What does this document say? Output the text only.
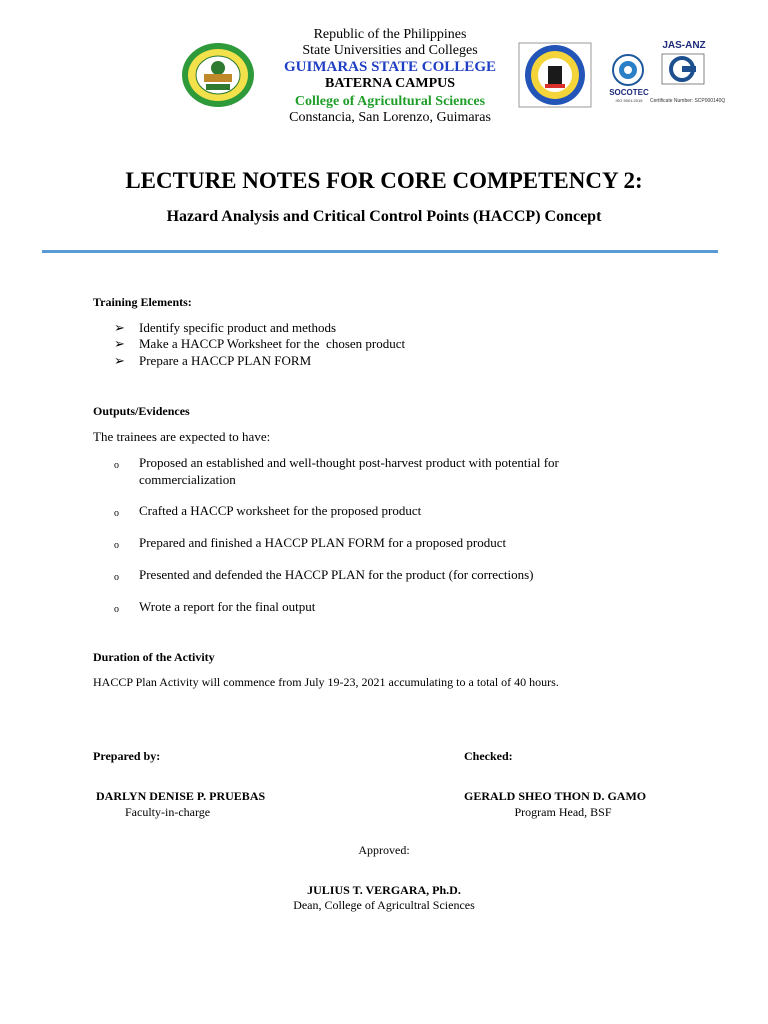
Republic of the Philippines
State Universities and Colleges
GUIMARAS STATE COLLEGE
BATERNA CAMPUS
College of Agricultural Sciences
Constancia, San Lorenzo, Guimaras
JAS-ANZ
SOCOTEC
ISO 9001:2015	Certificate Number: SCP000140Q
LECTURE NOTES FOR CORE COMPETENCY 2:
Hazard Analysis and Critical Control Points (HACCP) Concept
Training Elements:
➢	Identify specific product and methods
➢	Make a HACCP Worksheet for the  chosen product
➢	Prepare a HACCP PLAN FORM
Outputs/Evidences
The trainees are expected to have:
o	Proposed an established and well-thought post-harvest product with potential for
commercialization
o	Crafted a HACCP worksheet for the proposed product
o	Prepared and finished a HACCP PLAN FORM for a proposed product
o	Presented and defended the HACCP PLAN for the product (for corrections)
o	Wrote a report for the final output
Duration of the Activity
HACCP Plan Activity will commence from July 19-23, 2021 accumulating to a total of 40 hours.
Prepared by:	Checked:
DARLYN DENISE P. PRUEBAS
Faculty-in-charge
GERALD SHEO THON D. GAMO
Program Head, BSF
Approved:
JULIUS T. VERGARA, Ph.D.
Dean, College of Agricultral Sciences
